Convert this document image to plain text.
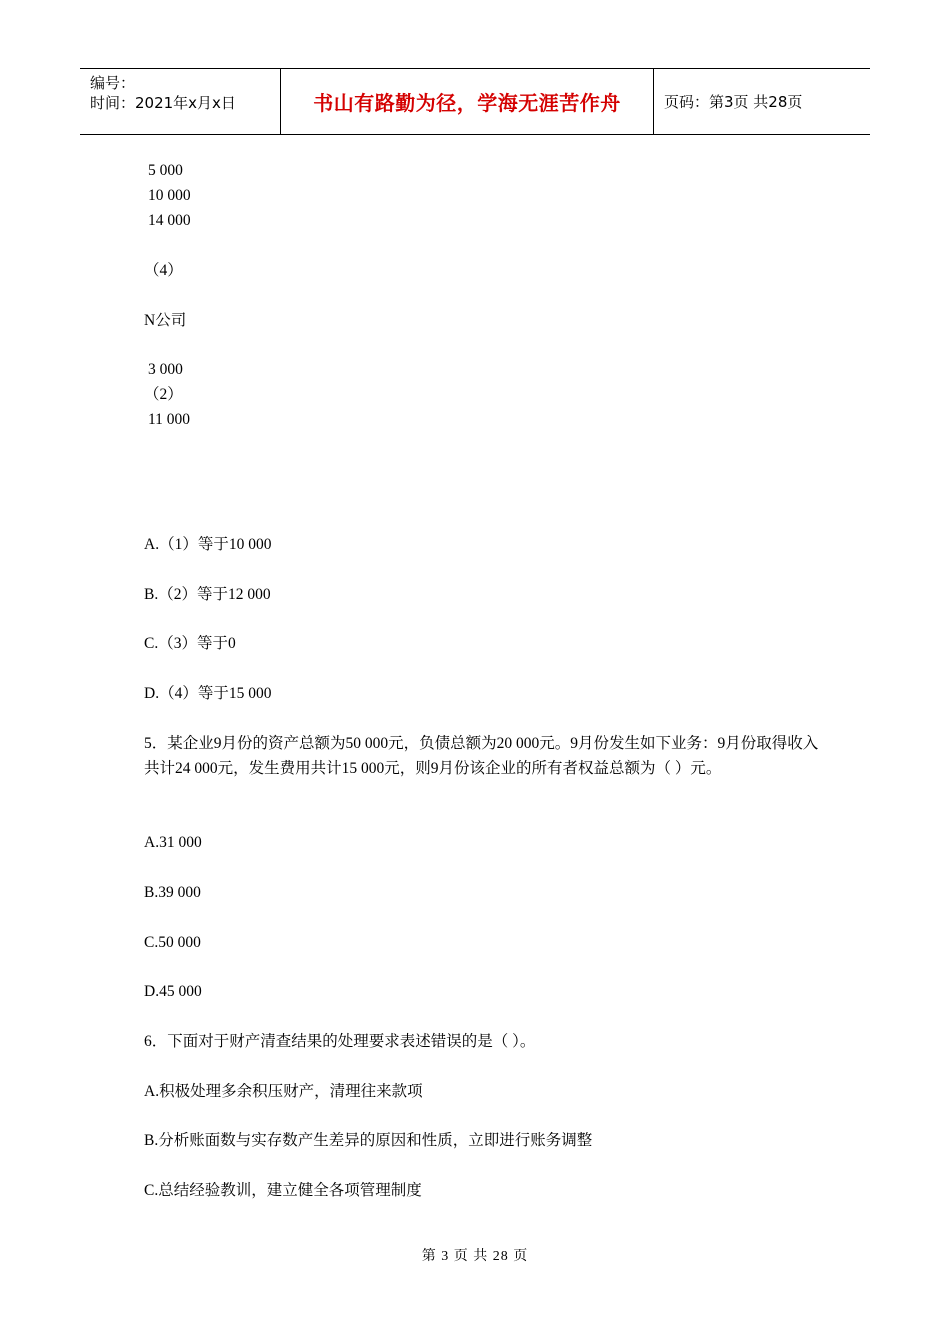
编号：
时间：2021年x月x日	书山有路勤为径，学海无涯苦作舟	页码：第3页 共28页
5 000
10 000
14 000
（4）
N公司
3 000
（2）
11 000
A.（1）等于10 000
B.（2）等于12 000
C.（3）等于0
D.（4）等于15 000
5．某企业9月份的资产总额为50 000元，负债总额为20 000元。9月份发生如下业务：9月份取得收入共计24 000元，发生费用共计15 000元，则9月份该企业的所有者权益总额为（ ）元。
A.31 000
B.39 000
C.50 000
D.45 000
6．下面对于财产清查结果的处理要求表述错误的是（ ）。
A.积极处理多余积压财产，清理往来款项
B.分析账面数与实存数产生差异的原因和性质，立即进行账务调整
C.总结经验教训，建立健全各项管理制度
第 3 页 共 28 页
